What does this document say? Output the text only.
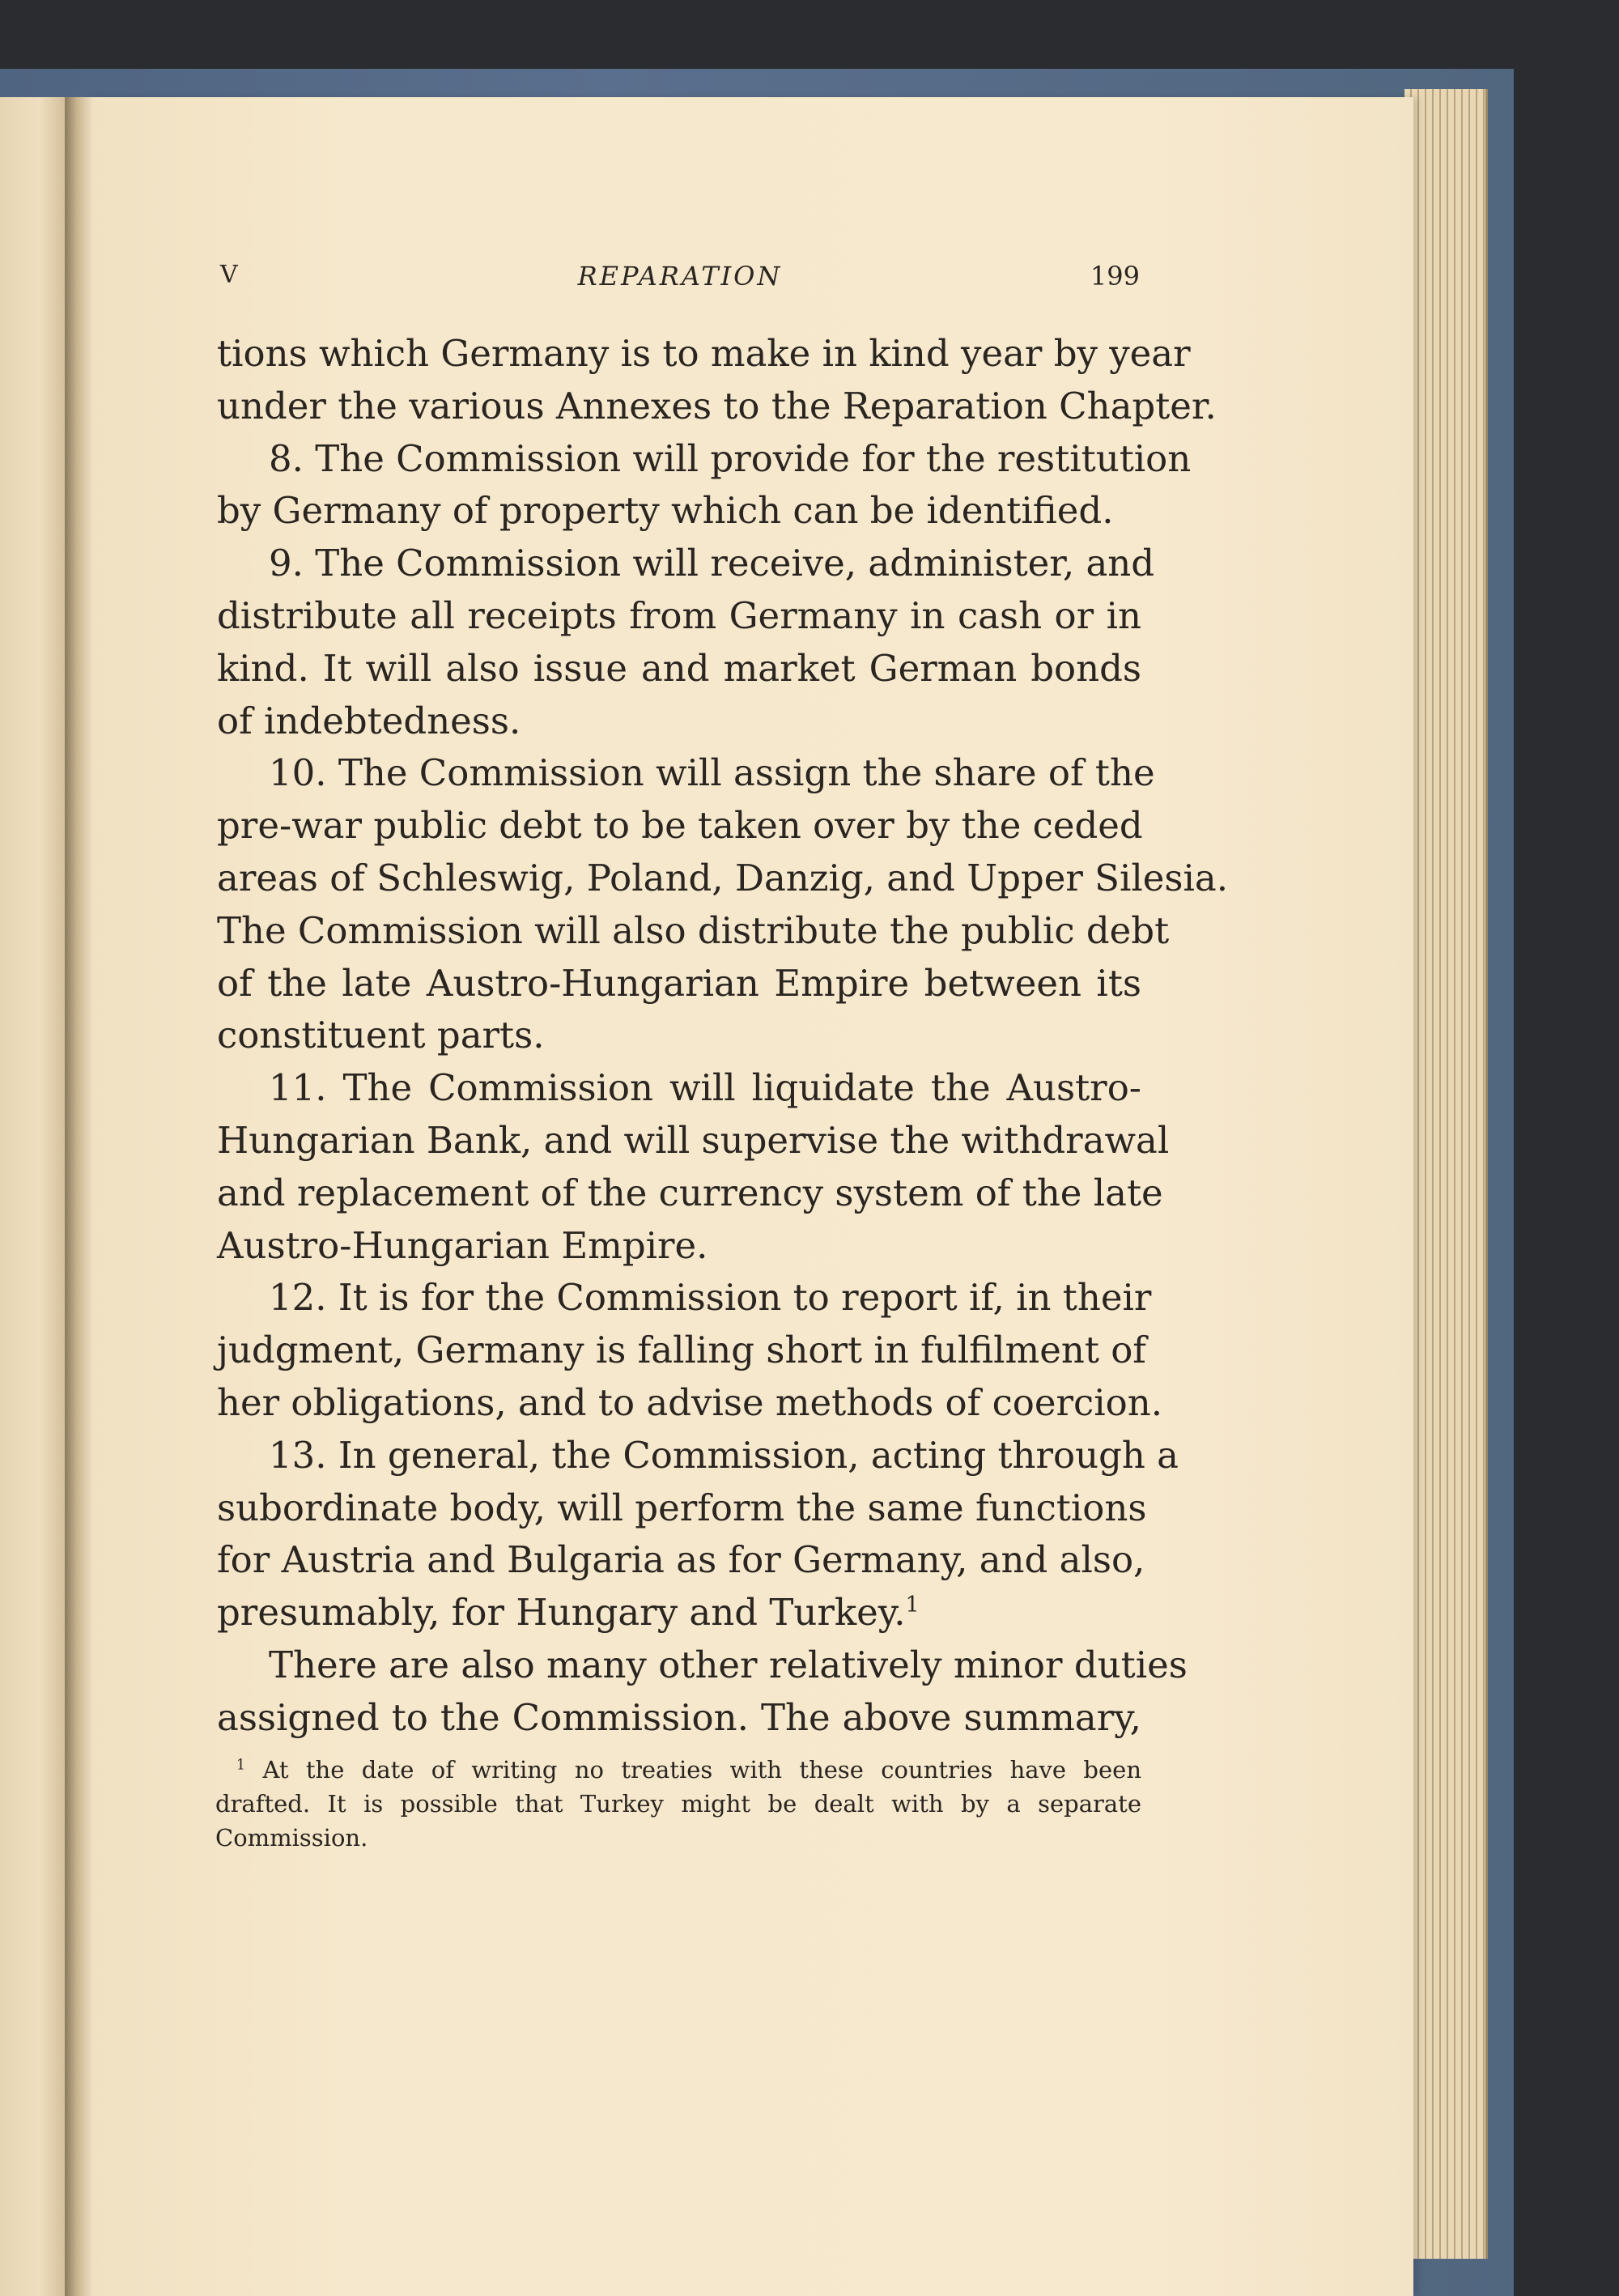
V	REPARATION	199
tions which Germany is to make in kind year by year
under the various Annexes to the Reparation Chapter.
8. The Commission will provide for the restitution
by Germany of property which can be identified.
9. The Commission will receive, administer, and
distribute all receipts from Germany in cash or in
kind. It will also issue and market German bonds
of indebtedness.
10. The Commission will assign the share of the
pre-war public debt to be taken over by the ceded
areas of Schleswig, Poland, Danzig, and Upper Silesia.
The Commission will also distribute the public debt
of the late Austro-Hungarian Empire between its
constituent parts.
11. The Commission will liquidate the Austro-
Hungarian Bank, and will supervise the withdrawal
and replacement of the currency system of the late
Austro-Hungarian Empire.
12. It is for the Commission to report if, in their
judgment, Germany is falling short in fulfilment of
her obligations, and to advise methods of coercion.
13. In general, the Commission, acting through a
subordinate body, will perform the same functions
for Austria and Bulgaria as for Germany, and also,
presumably, for Hungary and Turkey.$^1$
There are also many other relatively minor duties
assigned to the Commission. The above summary,
$^1$ At the date of writing no treaties with these countries have been
drafted. It is possible that Turkey might be dealt with by a separate
Commission.
